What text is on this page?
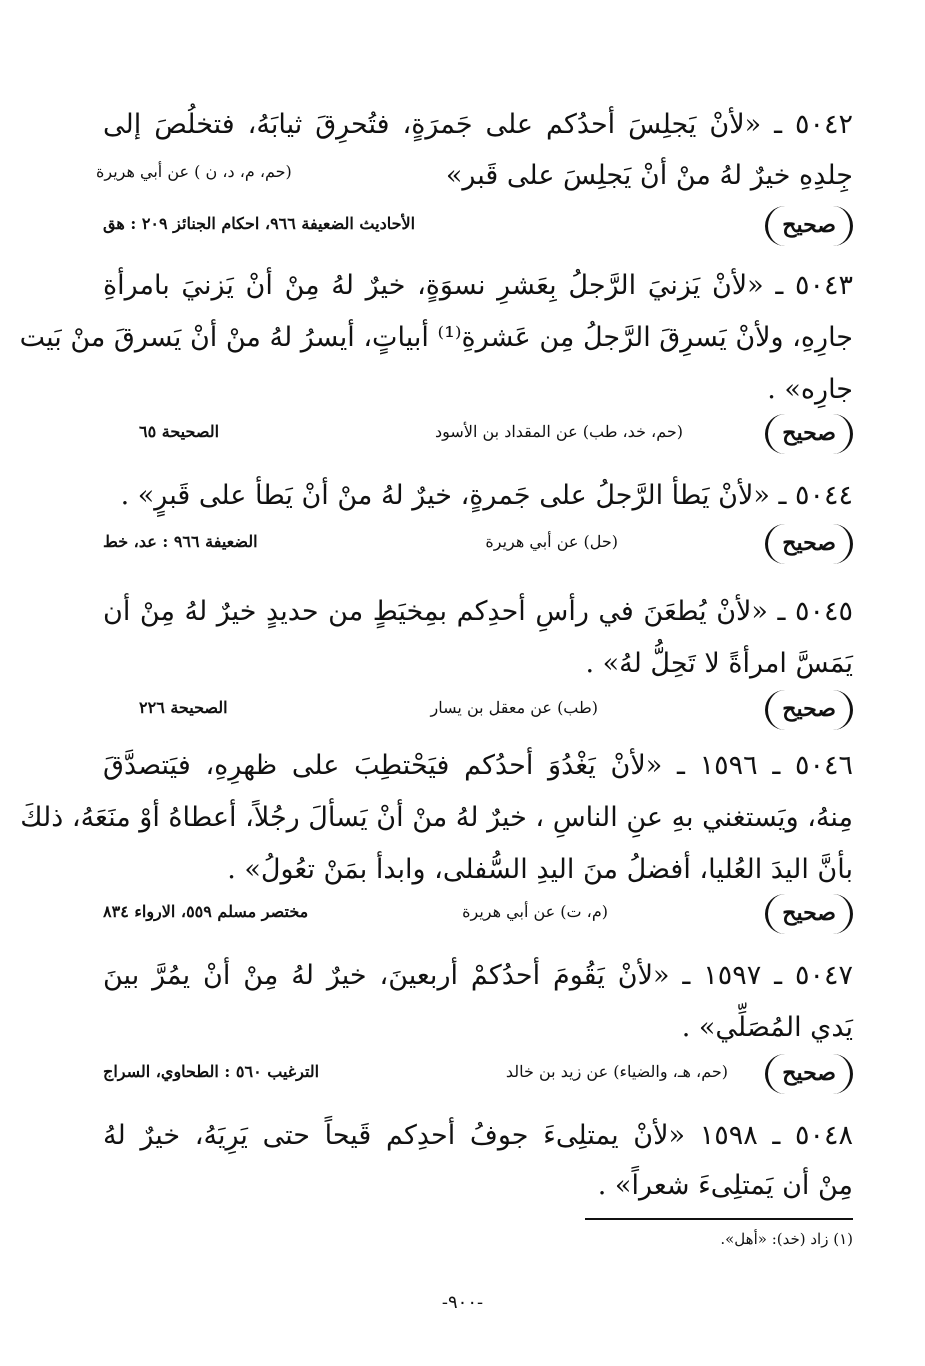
٥٠٤٢ ـ «لأنْ يَجلِسَ أحدُكم على جَمرَةٍ، فتُحرِقَ ثيابَهُ، فتخلُصَ إلى
جِلدِهِ خيرٌ لهُ منْ أنْ يَجلِسَ على قَبر»
(حم، م، د، ن ) عن أبي هريرة
صحيح
الأحاديث الضعيفة ٩٦٦، احكام الجنائز ٢٠٩ : هق
٥٠٤٣ ـ «لأنْ يَزنيَ الرَّجلُ بِعَشرِ نسوَةٍ، خيرٌ لهُ مِنْ أنْ يَزنيَ بامرأةِ
جارِهِ، ولأنْ يَسرِقَ الرَّجلُ مِن عَشرةِ⁽¹⁾ أبياتٍ، أيسرُ لهُ منْ أنْ يَسرقَ منْ بَيت
جارِه» .
صحيح
(حم، خد، طب) عن المقداد بن الأسود
الصحيحة ٦٥
٥٠٤٤ ـ «لأنْ يَطأ الرَّجلُ على جَمرةٍ، خيرٌ لهُ منْ أنْ يَطأ على قَبرٍ» .
صحيح
(حل) عن أبي هريرة
الضعيفة ٩٦٦ : عد، خط
٥٠٤٥ ـ «لأنْ يُطعَنَ في رأسِ أحدِكم بمِخيَطٍ من حديدٍ خيرٌ لهُ مِنْ أن
يَمَسَّ امرأةً لا تَحِلُّ لهُ» .
صحيح
(طب) عن معقل بن يسار
الصحيحة ٢٢٦
٥٠٤٦ ـ ١٥٩٦ ـ «لأنْ يَغْدُوَ أحدُكم فيَحْتطِبَ على ظهرِهِ، فيَتصدَّقَ
مِنهُ، ويَستغني بهِ عنِ الناسِ ، خيرٌ لهُ منْ أنْ يَسألَ رجُلاً، أعطاهُ أوْ منَعَهُ، ذلكَ
بأنَّ اليدَ العُليا، أفضلُ منَ اليدِ السُّفلى، وابدأ بمَنْ تعُولُ» .
صحيح
(م، ت) عن أبي هريرة
مختصر مسلم ٥٥٩، الارواء ٨٣٤
٥٠٤٧ ـ ١٥٩٧ ـ «لأنْ يَقُومَ أحدُكمْ أربعينَ، خيرٌ لهُ مِنْ أنْ يمُرَّ بينَ
يَدي المُصَلِّي» .
صحيح
(حم، هـ، والضياء) عن زيد بن خالد
الترغيب ٥٦٠ : الطحاوي، السراج
٥٠٤٨ ـ ١٥٩٨ «لأنْ يمتلِىءَ جوفُ أحدِكم قَيحاً حتى يَرِيَهُ، خيرٌ لهُ
مِنْ أن يَمتلِىءَ شعراً» .
(١) زاد (خد): «أهل».
-٩٠٠-
